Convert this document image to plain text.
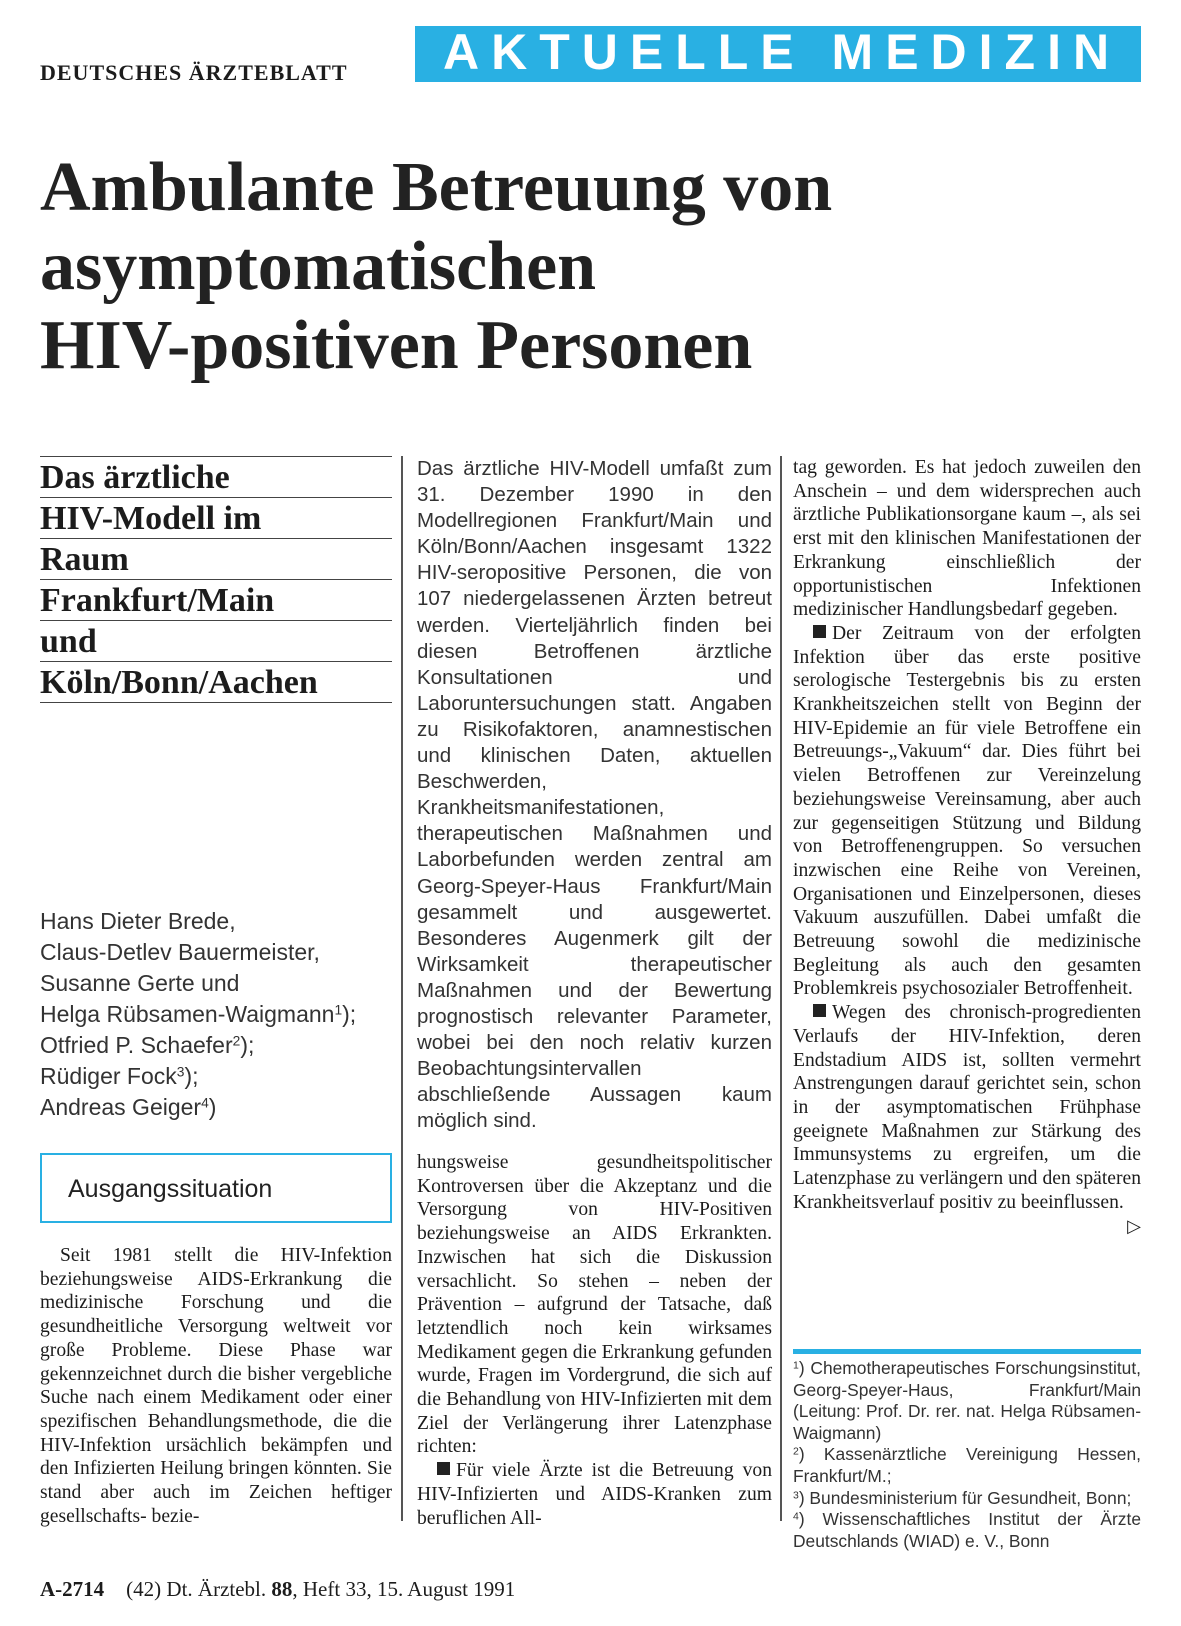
DEUTSCHES ÄRZTEBLATT	AKTUELLE MEDIZIN
Ambulante Betreuung von
asymptomatischen
HIV-positiven Personen
Das ärztliche
HIV-Modell im
Raum
Frankfurt/Main
und
Köln/Bonn/Aachen
Hans Dieter Brede,
Claus-Detlev Bauermeister,
Susanne Gerte und
Helga Rübsamen-Waigmann$^1$);
Otfried P. Schaefer$^2$);
Rüdiger Fock$^3$);
Andreas Geiger$^4$)
Ausgangssituation

Das ärztliche HIV-Modell umfaßt zum 31. Dezember 1990 in den Modellregionen Frankfurt/Main und Köln/Bonn/Aachen insgesamt 1322 HIV-seropositive Personen, die von 107 niedergelassenen Ärzten betreut werden. Vierteljährlich finden bei diesen Betroffenen ärztliche Konsultationen und Laboruntersuchungen statt. Angaben zu Risikofaktoren, anamnestischen und klinischen Daten, aktuellen Beschwerden, Krankheitsmanifestationen, therapeutischen Maßnahmen und Laborbefunden werden zentral am Georg-Speyer-Haus Frankfurt/Main gesammelt und ausgewertet. Besonderes Augenmerk gilt der Wirksamkeit therapeutischer Maßnahmen und der Bewertung prognostisch relevanter Parameter, wobei bei den noch relativ kurzen Beobachtungsintervallen abschließende Aussagen kaum möglich sind.

Seit 1981 stellt die HIV-Infektion beziehungsweise AIDS-Erkrankung die medizinische Forschung und die gesundheitliche Versorgung weltweit vor große Probleme. Diese Phase war gekennzeichnet durch die bisher vergebliche Suche nach einem Medikament oder einer spezifischen Behandlungsmethode, die die HIV-Infektion ursächlich bekämpfen und den Infizierten Heilung bringen könnten. Sie stand aber auch im Zeichen heftiger gesellschafts- bezie-

hungsweise gesundheitspolitischer Kontroversen über die Akzeptanz und die Versorgung von HIV-Positiven beziehungsweise an AIDS Erkrankten. Inzwischen hat sich die Diskussion versachlicht. So stehen – neben der Prävention – aufgrund der Tatsache, daß letztendlich noch kein wirksames Medikament gegen die Erkrankung gefunden wurde, Fragen im Vordergrund, die sich auf die Behandlung von HIV-Infizierten mit dem Ziel der Verlängerung ihrer Latenzphase richten:

Für viele Ärzte ist die Betreuung von HIV-Infizierten und AIDS-Kranken zum beruflichen All-

tag geworden. Es hat jedoch zuweilen den Anschein – und dem widersprechen auch ärztliche Publikationsorgane kaum –, als sei erst mit den klinischen Manifestationen der Erkrankung einschließlich der opportunistischen Infektionen medizinischer Handlungsbedarf gegeben.

Der Zeitraum von der erfolgten Infektion über das erste positive serologische Testergebnis bis zu ersten Krankheitszeichen stellt von Beginn der HIV-Epidemie an für viele Betroffene ein Betreuungs-„Vakuum“ dar. Dies führt bei vielen Betroffenen zur Vereinzelung beziehungsweise Vereinsamung, aber auch zur gegenseitigen Stützung und Bildung von Betroffenengruppen. So versuchen inzwischen eine Reihe von Vereinen, Organisationen und Einzelpersonen, dieses Vakuum auszufüllen. Dabei umfaßt die Betreuung sowohl die medizinische Begleitung als auch den gesamten Problemkreis psychosozialer Betroffenheit.

Wegen des chronisch-progredienten Verlaufs der HIV-Infektion, deren Endstadium AIDS ist, sollten vermehrt Anstrengungen darauf gerichtet sein, schon in der asymptomatischen Frühphase geeignete Maßnahmen zur Stärkung des Immunsystems zu ergreifen, um die Latenzphase zu verlängern und den späteren Krankheitsverlauf positiv zu beeinflussen.
▷

$^1$) Chemotherapeutisches Forschungsinstitut, Georg-Speyer-Haus, Frankfurt/Main (Leitung: Prof. Dr. rer. nat. Helga Rübsamen-Waigmann)

$^2$) Kassenärztliche Vereinigung Hessen, Frankfurt/M.;

$^3$) Bundesministerium für Gesundheit, Bonn;

$^4$) Wissenschaftliches Institut der Ärzte Deutschlands (WIAD) e. V., Bonn

A-2714 (42) Dt. Ärztebl. 88, Heft 33, 15. August 1991
